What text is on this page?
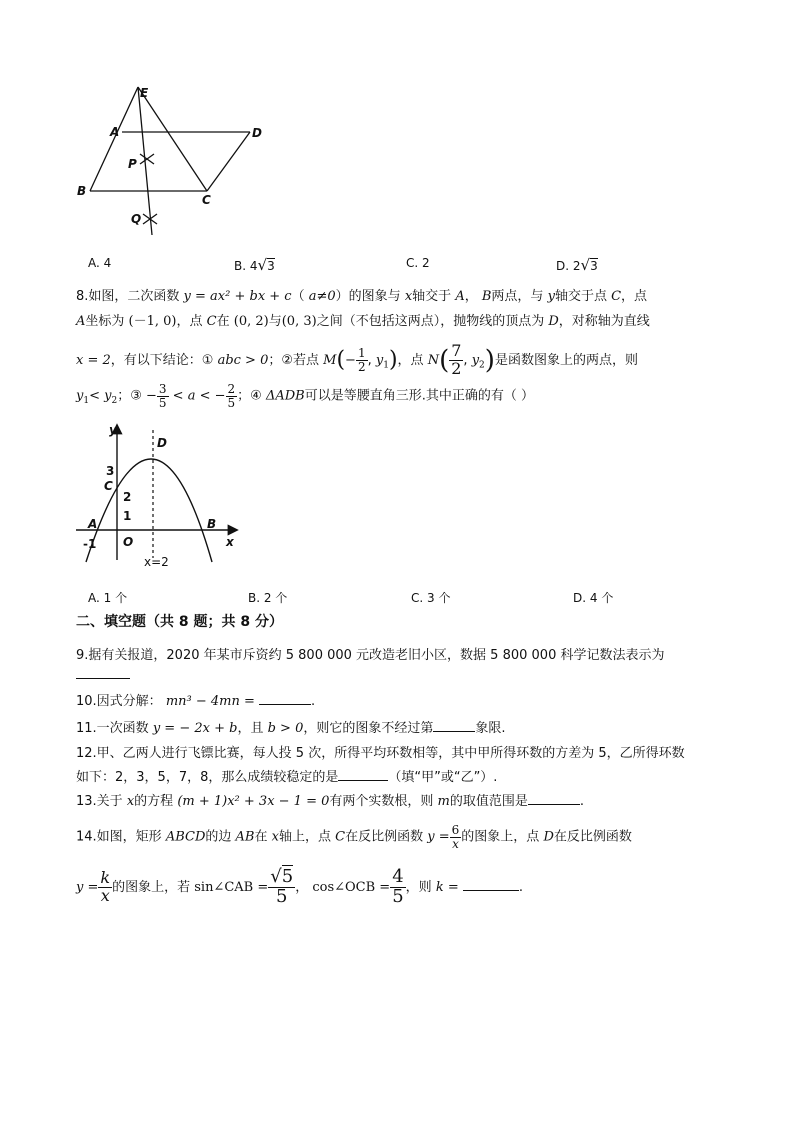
E
A	D
P
B
C
Q
A. 4	B. 4√3	C. 2	D. 2√3
8.如图，二次函数 y = ax² + bx + c（ a≠0）的图象与 x轴交于 A， B两点，与 y轴交于点 C，点
A坐标为 (－1, 0)，点 C在 (0, 2)与(0, 3)之间（不包括这两点），抛物线的顶点为 D，对称轴为直线
x = 2，有以下结论：① abc > 0；②若点 $M(- \frac{1}{2}$ , $y_1$)，点 $N( \frac{7}{2}$ , $y_2$)是函数图象上的两点，则
$y_1< y_2$；③ − $\frac{3}{5} < a$ < − $\frac{2}{5}$ ；④ ΔADB可以是等腰直角三形.其中正确的有（ ）
y
D
3
C
2
1
A	B
x
-1 O
x=2
A. 1 个	B. 2 个	C. 3 个	D. 4 个
二、填空题（共 8 题；共 8 分）
9.据有关报道，2020 年某市斥资约 5 800 000 元改造老旧小区，数据 5 800 000 科学记数法表示为
10.因式分解： mn³ − 4mn =	.
11.一次函数 y = − 2x + b，且 b > 0，则它的图象不经过第	象限.
12.甲、乙两人进行飞镖比赛，每人投 5 次，所得平均环数相等，其中甲所得环数的方差为 5，乙所得环数
如下：2，3，5，7，8，那么成绩较稳定的是	（填“甲”或“乙”）.
13.关于 x的方程 (m + 1)x² + 3x − 1 = 0有两个实数根，则 m的取值范围是	.
14.如图，矩形 ABCD的边 AB在 x轴上，点 C在反比例函数 $y = \frac{6}{x}$ 的图象上，点 D在反比例函数
$y = \frac{k}{x}$ 的图象上，若 sin∠CAB = $\frac{√5}{5}$ ， cos∠OCB = $\frac{4}{5}$ ，则 k =	.
